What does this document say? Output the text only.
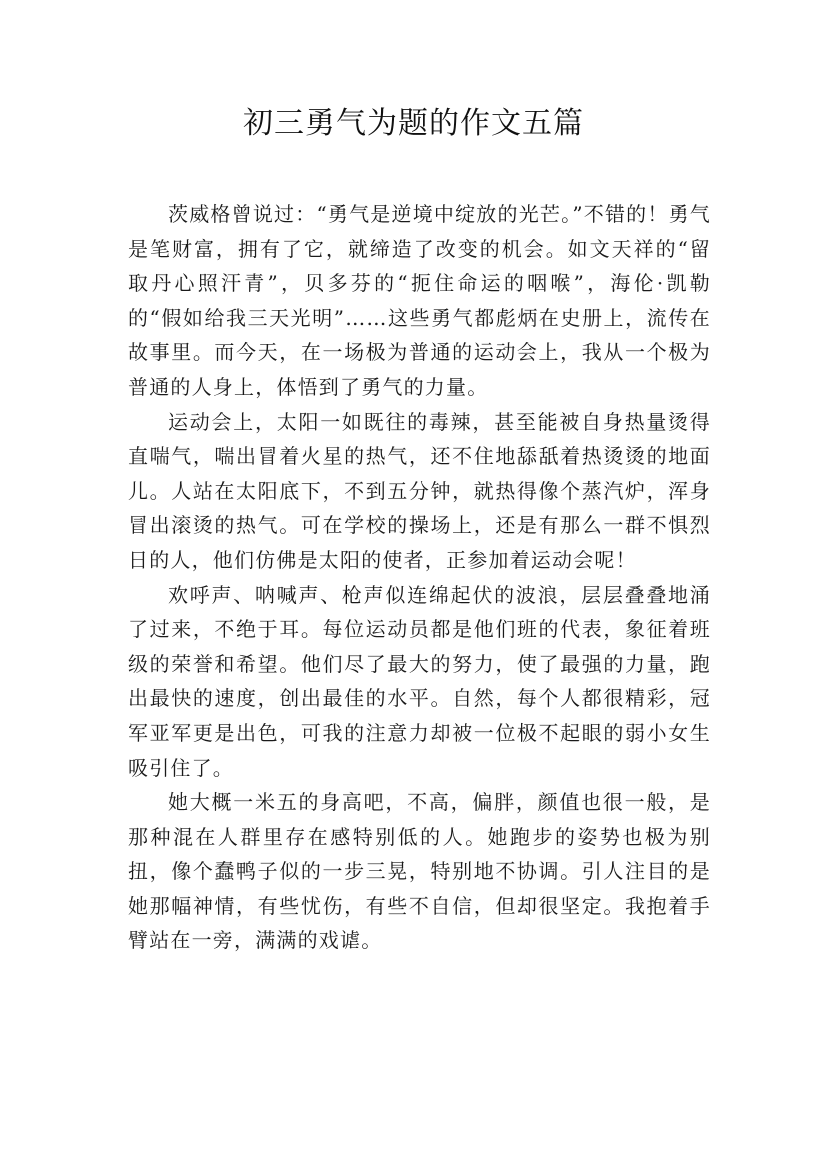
初三勇气为题的作文五篇

茨威格曾说过：“勇气是逆境中绽放的光芒。”不错的！勇气是笔财富，拥有了它，就缔造了改变的机会。如文天祥的“留取丹心照汗青”，贝多芬的“扼住命运的咽喉”，海伦·凯勒的“假如给我三天光明”……这些勇气都彪炳在史册上，流传在故事里。而今天，在一场极为普通的运动会上，我从一个极为普通的人身上，体悟到了勇气的力量。

运动会上，太阳一如既往的毒辣，甚至能被自身热量烫得直喘气，喘出冒着火星的热气，还不住地舔舐着热烫烫的地面儿。人站在太阳底下，不到五分钟，就热得像个蒸汽炉，浑身冒出滚烫的热气。可在学校的操场上，还是有那么一群不惧烈日的人，他们仿佛是太阳的使者，正参加着运动会呢！

欢呼声、呐喊声、枪声似连绵起伏的波浪，层层叠叠地涌了过来，不绝于耳。每位运动员都是他们班的代表，象征着班级的荣誉和希望。他们尽了最大的努力，使了最强的力量，跑出最快的速度，创出最佳的水平。自然，每个人都很精彩，冠军亚军更是出色，可我的注意力却被一位极不起眼的弱小女生吸引住了。

她大概一米五的身高吧，不高，偏胖，颜值也很一般，是那种混在人群里存在感特别低的人。她跑步的姿势也极为别扭，像个蠢鸭子似的一步三晃，特别地不协调。引人注目的是她那幅神情，有些忧伤，有些不自信，但却很坚定。我抱着手臂站在一旁，满满的戏谑。
